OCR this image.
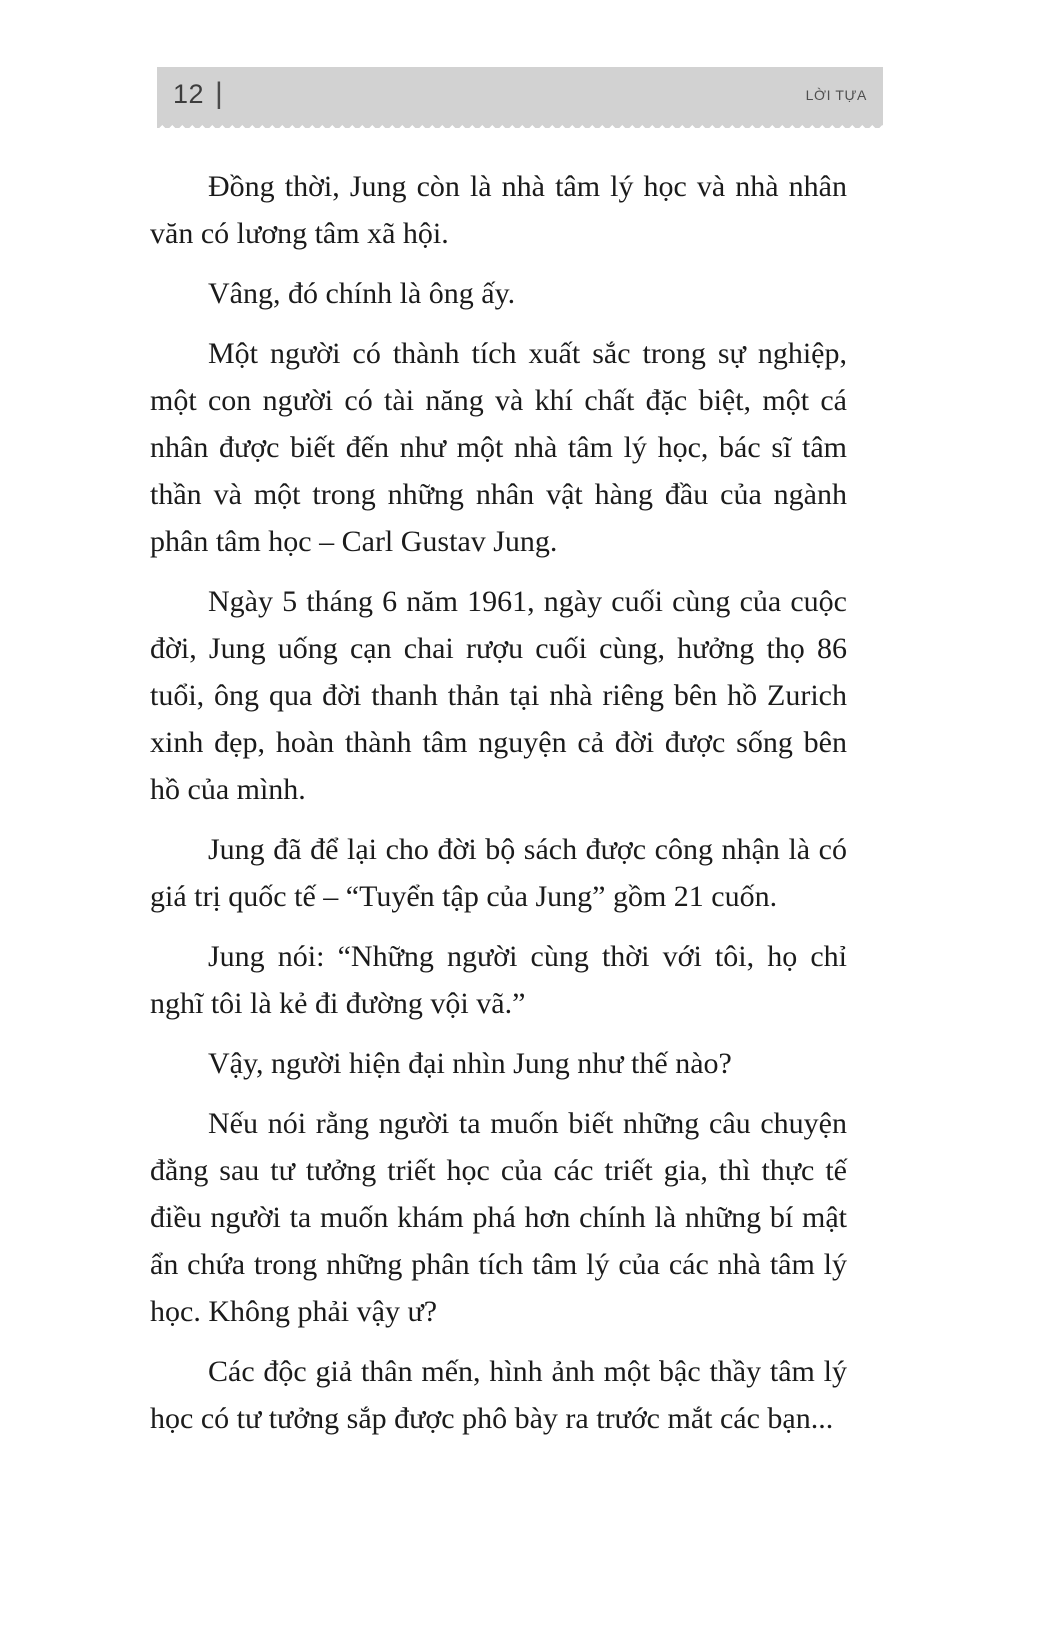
12 |	LỜI TỰA

Đồng thời, Jung còn là nhà tâm lý học và nhà nhân văn có lương tâm xã hội.

Vâng, đó chính là ông ấy.

Một người có thành tích xuất sắc trong sự nghiệp, một con người có tài năng và khí chất đặc biệt, một cá nhân được biết đến như một nhà tâm lý học, bác sĩ tâm thần và một trong những nhân vật hàng đầu của ngành phân tâm học – Carl Gustav Jung.

Ngày 5 tháng 6 năm 1961, ngày cuối cùng của cuộc đời, Jung uống cạn chai rượu cuối cùng, hưởng thọ 86 tuổi, ông qua đời thanh thản tại nhà riêng bên hồ Zurich xinh đẹp, hoàn thành tâm nguyện cả đời được sống bên hồ của mình.

Jung đã để lại cho đời bộ sách được công nhận là có giá trị quốc tế – “Tuyển tập của Jung” gồm 21 cuốn.

Jung nói: “Những người cùng thời với tôi, họ chỉ nghĩ tôi là kẻ đi đường vội vã.”

Vậy, người hiện đại nhìn Jung như thế nào?

Nếu nói rằng người ta muốn biết những câu chuyện đằng sau tư tưởng triết học của các triết gia, thì thực tế điều người ta muốn khám phá hơn chính là những bí mật ẩn chứa trong những phân tích tâm lý của các nhà tâm lý học. Không phải vậy ư?

Các độc giả thân mến, hình ảnh một bậc thầy tâm lý học có tư tưởng sắp được phô bày ra trước mắt các bạn...
